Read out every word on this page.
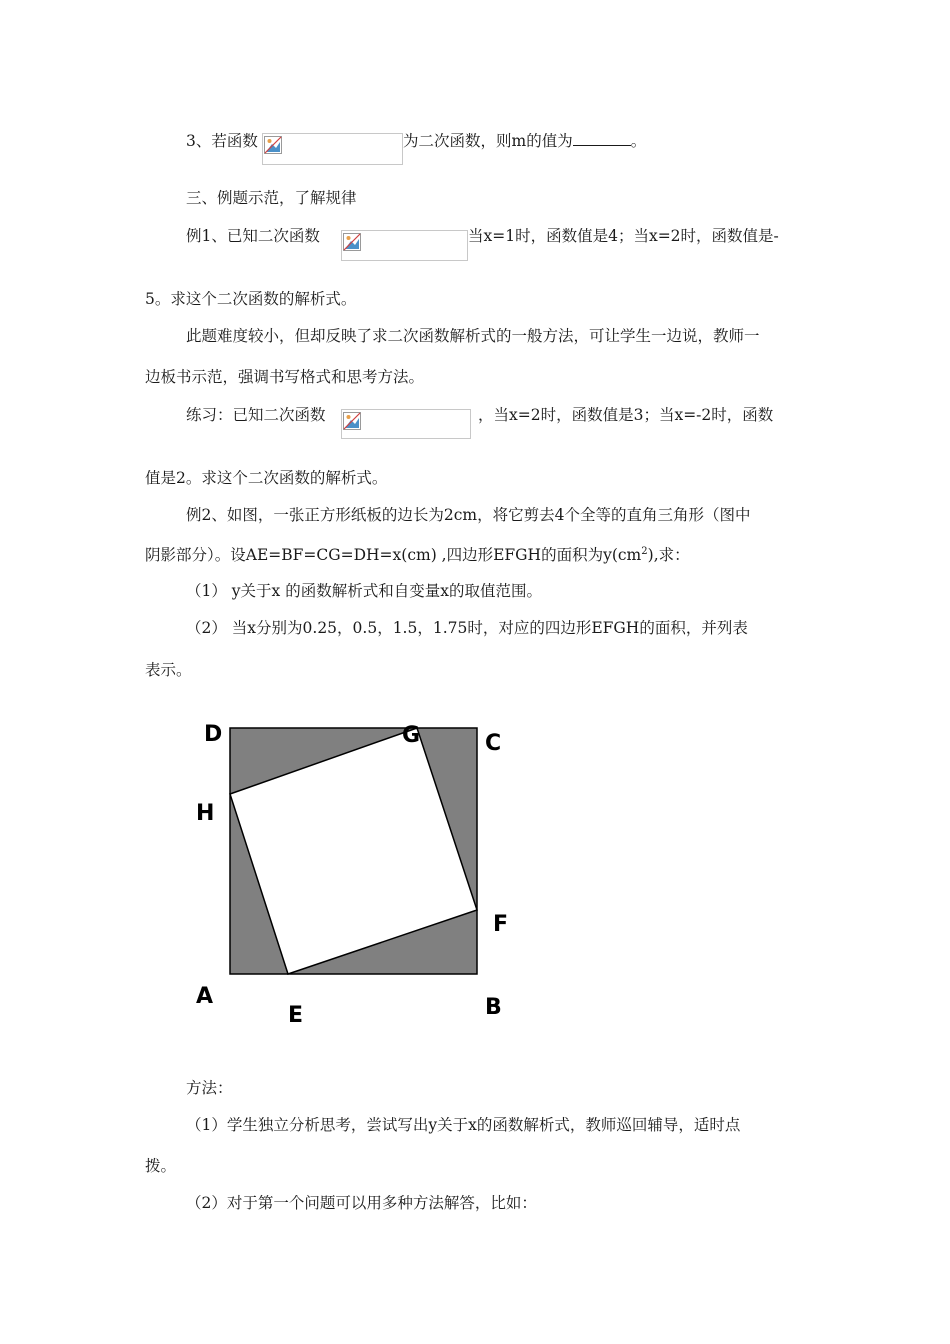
3、若函数	为二次函数，则m的值为	。
三、例题示范，了解规律
例1、已知二次函数	当x=1时，函数值是4；当x=2时，函数值是-
5。求这个二次函数的解析式。
此题难度较小，但却反映了求二次函数解析式的一般方法，可让学生一边说，教师一
边板书示范，强调书写格式和思考方法。
练习：已知二次函数	，当x=2时，函数值是3；当x=-2时，函数
值是2。求这个二次函数的解析式。
例2、如图，一张正方形纸板的边长为2cm，将它剪去4个全等的直角三角形（图中
阴影部分）。设AE=BF=CG=DH=x(cm) ,四边形EFGH的面积为$y(cm^2)$,求：
（1） y关于x 的函数解析式和自变量x的取值范围。
（2） 当x分别为0.25，0.5，1.5，1.75时，对应的四边形EFGH的面积，并列表
表示。
D	G	C
H
F
A	B
E
方法：
（1）学生独立分析思考，尝试写出y关于x的函数解析式，教师巡回辅导，适时点
拨。
（2）对于第一个问题可以用多种方法解答，比如：
